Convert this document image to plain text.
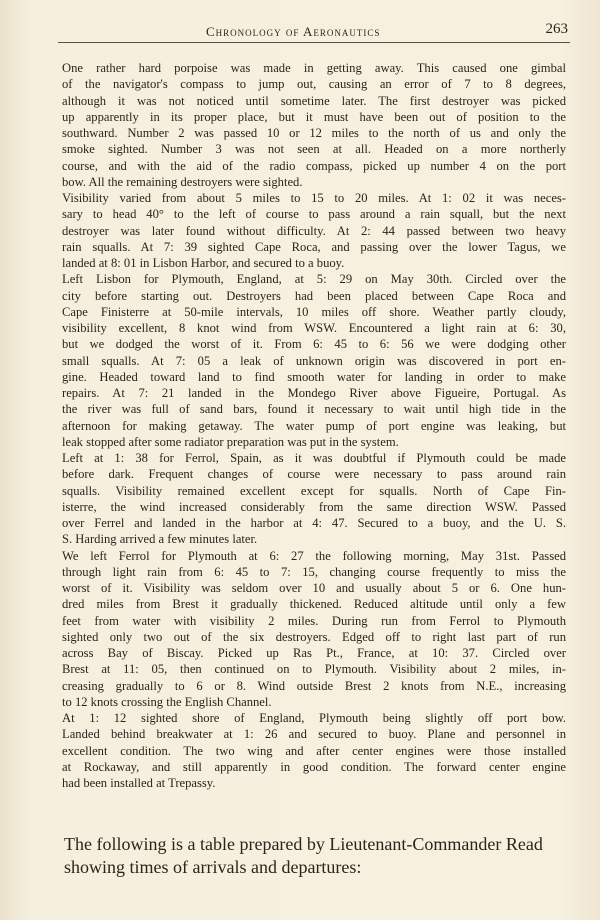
Chronology of Aeronautics	263

One rather hard porpoise was made in getting away. This caused one gimbal
of the navigator's compass to jump out, causing an error of 7 to 8 degrees,
although it was not noticed until sometime later. The first destroyer was picked
up apparently in its proper place, but it must have been out of position to the
southward. Number 2 was passed 10 or 12 miles to the north of us and only the
smoke sighted. Number 3 was not seen at all. Headed on a more northerly
course, and with the aid of the radio compass, picked up number 4 on the port
bow. All the remaining destroyers were sighted.

Visibility varied from about 5 miles to 15 to 20 miles. At 1: 02 it was neces-
sary to head 40° to the left of course to pass around a rain squall, but the next
destroyer was later found without difficulty. At 2: 44 passed between two heavy
rain squalls. At 7: 39 sighted Cape Roca, and passing over the lower Tagus, we
landed at 8: 01 in Lisbon Harbor, and secured to a buoy.

Left Lisbon for Plymouth, England, at 5: 29 on May 30th. Circled over the
city before starting out. Destroyers had been placed between Cape Roca and
Cape Finisterre at 50-mile intervals, 10 miles off shore. Weather partly cloudy,
visibility excellent, 8 knot wind from WSW. Encountered a light rain at 6: 30,
but we dodged the worst of it. From 6: 45 to 6: 56 we were dodging other
small squalls. At 7: 05 a leak of unknown origin was discovered in port en-
gine. Headed toward land to find smooth water for landing in order to make
repairs. At 7: 21 landed in the Mondego River above Figueire, Portugal. As
the river was full of sand bars, found it necessary to wait until high tide in the
afternoon for making getaway. The water pump of port engine was leaking, but
leak stopped after some radiator preparation was put in the system.

Left at 1: 38 for Ferrol, Spain, as it was doubtful if Plymouth could be made
before dark. Frequent changes of course were necessary to pass around rain
squalls. Visibility remained excellent except for squalls. North of Cape Fin-
isterre, the wind increased considerably from the same direction WSW. Passed
over Ferrel and landed in the harbor at 4: 47. Secured to a buoy, and the U. S.
S. Harding arrived a few minutes later.

We left Ferrol for Plymouth at 6: 27 the following morning, May 31st. Passed
through light rain from 6: 45 to 7: 15, changing course frequently to miss the
worst of it. Visibility was seldom over 10 and usually about 5 or 6. One hun-
dred miles from Brest it gradually thickened. Reduced altitude until only a few
feet from water with visibility 2 miles. During run from Ferrol to Plymouth
sighted only two out of the six destroyers. Edged off to right last part of run
across Bay of Biscay. Picked up Ras Pt., France, at 10: 37. Circled over
Brest at 11: 05, then continued on to Plymouth. Visibility about 2 miles, in-
creasing gradually to 6 or 8. Wind outside Brest 2 knots from N.E., increasing
to 12 knots crossing the English Channel.

At 1: 12 sighted shore of England, Plymouth being slightly off port bow.
Landed behind breakwater at 1: 26 and secured to buoy. Plane and personnel in
excellent condition. The two wing and after center engines were those installed
at Rockaway, and still apparently in good condition. The forward center engine
had been installed at Trepassy.

The following is a table prepared by Lieutenant-Commander Read
showing times of arrivals and departures:
